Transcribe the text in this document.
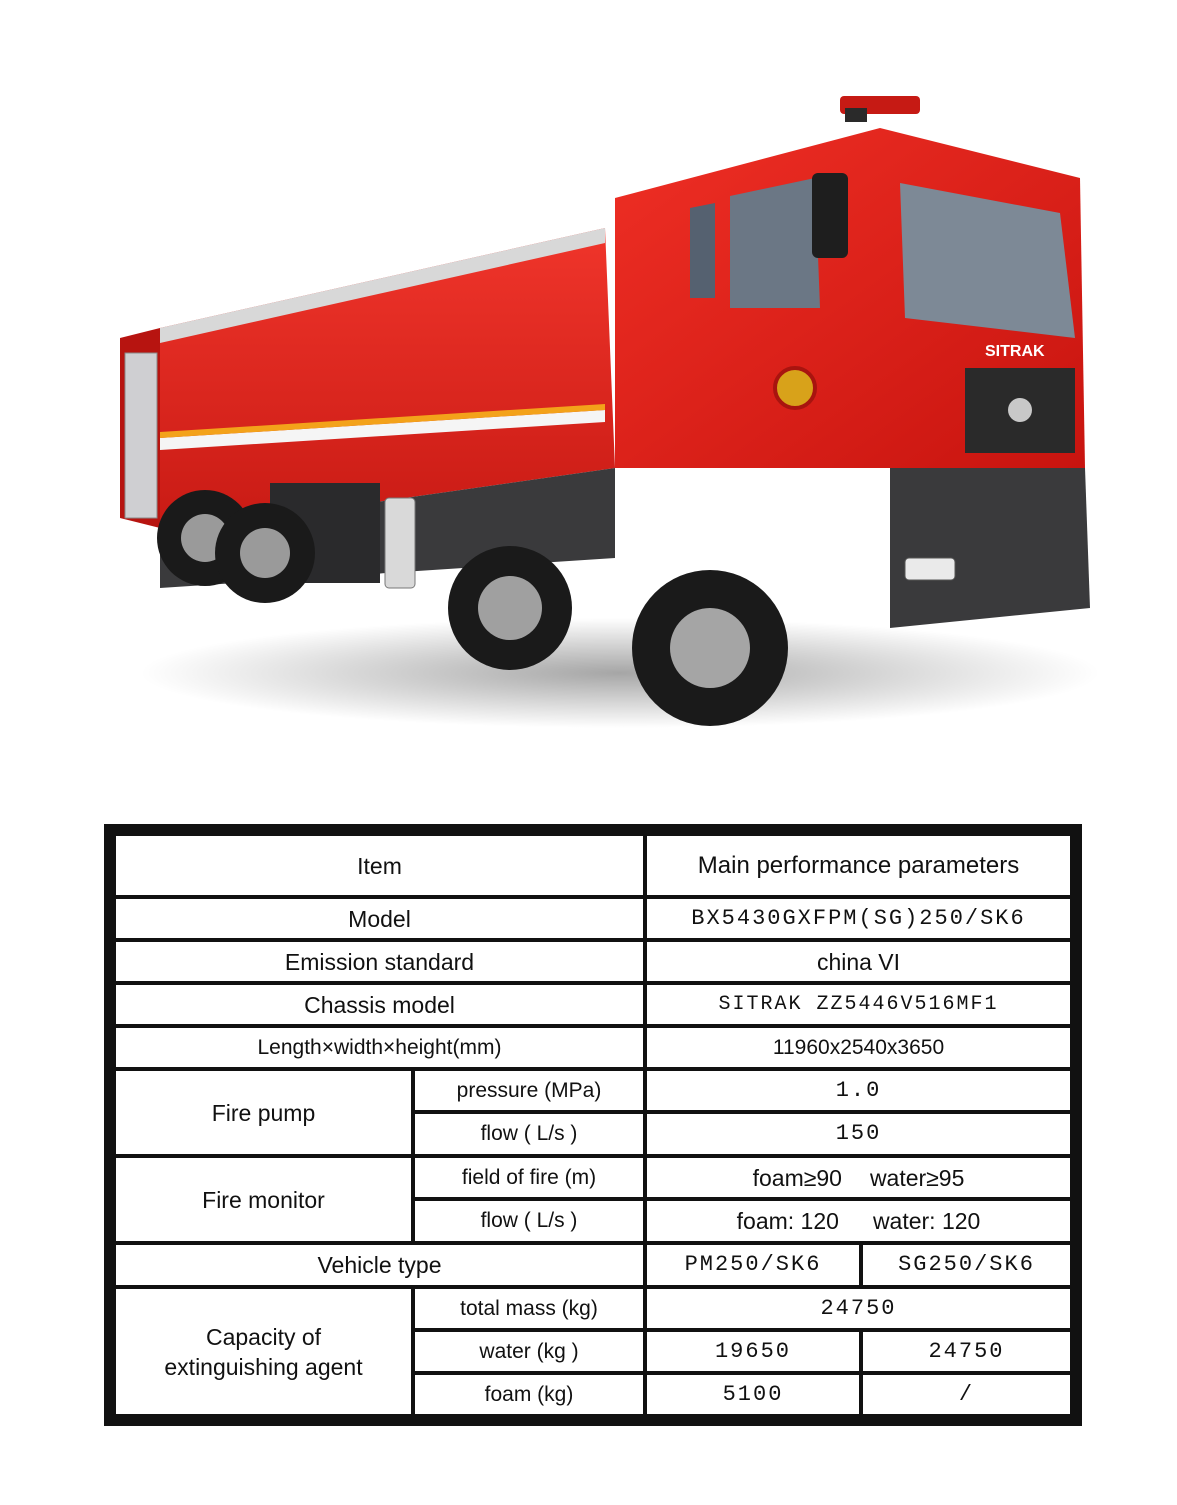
SITRAK
Item	Main performance parameters
Model	BX5430GXFPM(SG)250/SK6
Emission standard	china VI
Chassis model	SITRAK ZZ5446V516MF1
Length×width×height(mm)	11960x2540x3650
Fire pump
pressure (MPa)	1.0
flow ( L/s )	150
Fire monitor
field of fire (m)	foam≥90 water≥95
flow ( L/s )	foam: 120 water: 120
Vehicle type	PM250/SK6	SG250/SK6
Capacity of
extinguishing agent
total mass (kg)	24750
water (kg )	19650	24750
foam (kg)	5100	/
